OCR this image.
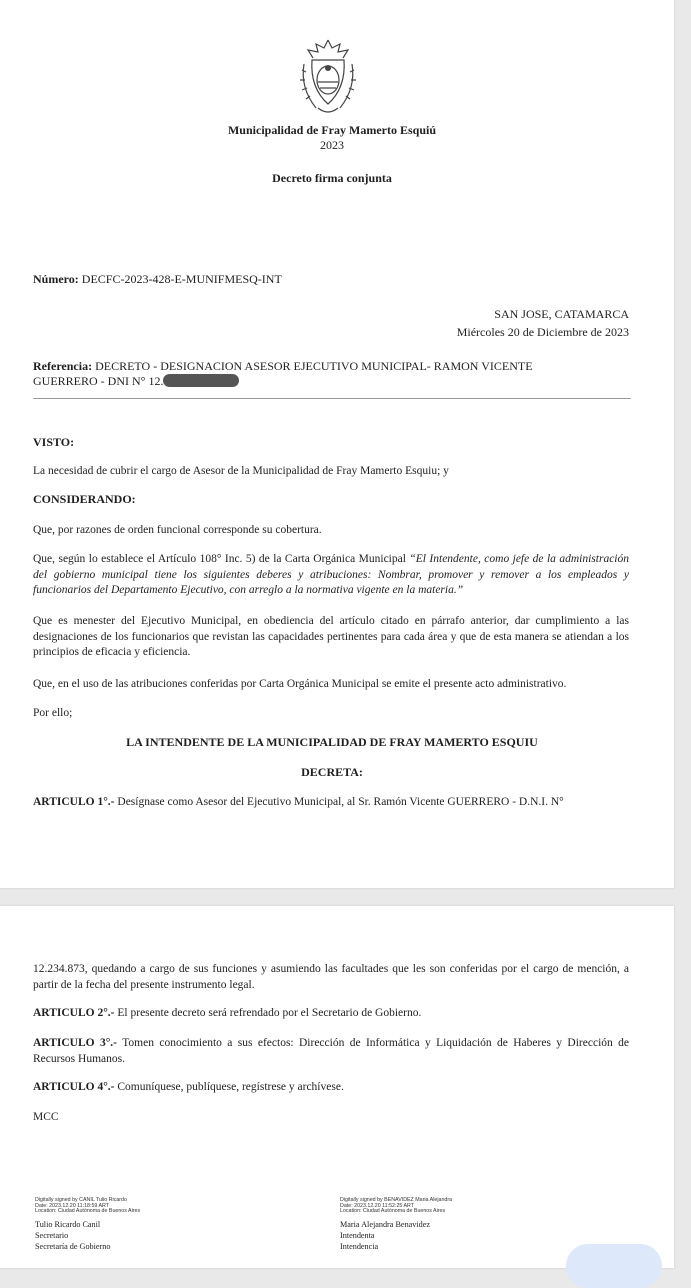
Municipalidad de Fray Mamerto Esquiú
2023
Decreto firma conjunta
Número: DECFC-2023-428-E-MUNIFMESQ-INT
SAN JOSE, CATAMARCA
Miércoles 20 de Diciembre de 2023
Referencia: DECRETO - DESIGNACION ASESOR EJECUTIVO MUNICIPAL- RAMON VICENTE
GUERRERO - DNI N° 12.
VISTO:
La necesidad de cubrir el cargo de Asesor de la Municipalidad de Fray Mamerto Esquiu; y
CONSIDERANDO:
Que, por razones de orden funcional corresponde su cobertura.
Que, según lo establece el Artículo 108° Inc. 5) de la Carta Orgánica Municipal “El Intendente, como jefe de la administración del gobierno municipal tiene los siguientes deberes y atribuciones: Nombrar, promover y remover a los empleados y funcionarios del Departamento Ejecutivo, con arreglo a la normativa vigente en la materia.”
Que es menester del Ejecutivo Municipal, en obediencia del artículo citado en párrafo anterior, dar cumplimiento a las designaciones de los funcionarios que revistan las capacidades pertinentes para cada área y que de esta manera se atiendan a los principios de eficacia y eficiencia.
Que, en el uso de las atribuciones conferidas por Carta Orgánica Municipal se emite el presente acto administrativo.
Por ello;
LA INTENDENTE DE LA MUNICIPALIDAD DE FRAY MAMERTO ESQUIU
DECRETA:
ARTICULO 1°.- Desígnase como Asesor del Ejecutivo Municipal, al Sr. Ramón Vicente GUERRERO - D.N.I. N°
12.234.873, quedando a cargo de sus funciones y asumiendo las facultades que les son conferidas por el cargo de mención, a partir de la fecha del presente instrumento legal.
ARTICULO 2°.- El presente decreto será refrendado por el Secretario de Gobierno.
ARTICULO 3°.- Tomen conocimiento a sus efectos: Dirección de Informática y Liquidación de Haberes y Dirección de Recursos Humanos.
ARTICULO 4°.- Comuníquese, publíquese, regístrese y archívese.
MCC
Digitally signed by CANIL Tulio Ricardo
Date: 2023.12.20 11:18:59 ART
Location: Ciudad Autónoma de Buenos Aires
Tulio Ricardo Canil
Secretario
Secretaría de Gobierno
Digitally signed by BENAVIDEZ Maria Alejandra
Date: 2023.12.20 11:52:25 ART
Location: Ciudad Autónoma de Buenos Aires
Maria Alejandra Benavidez
Intendenta
Intendencia
